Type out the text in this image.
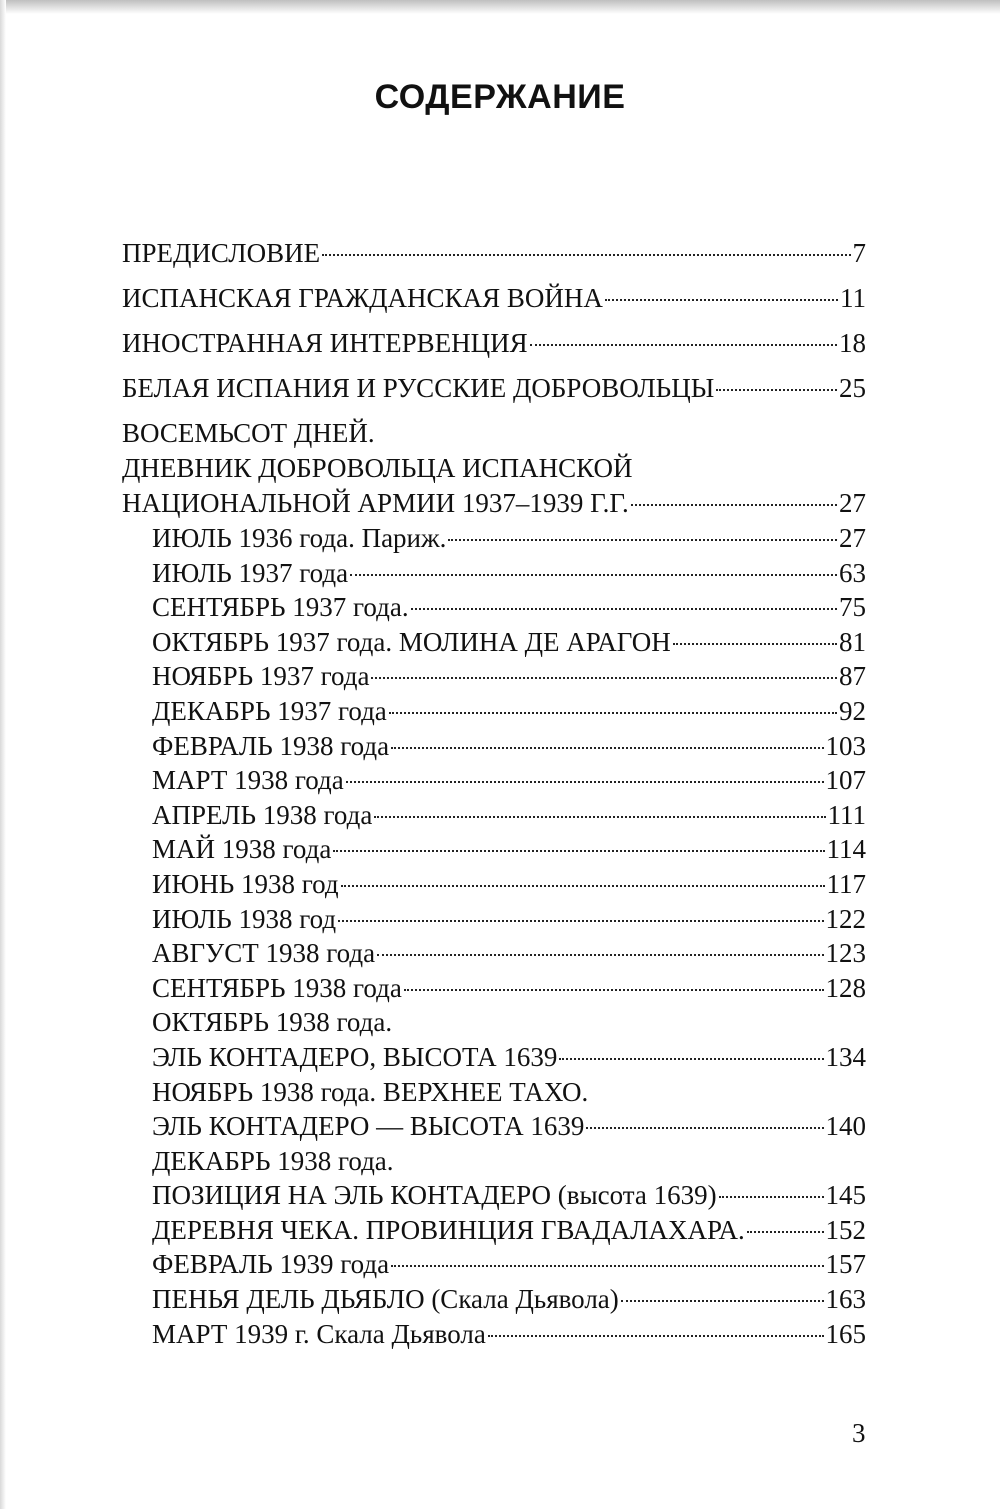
СОДЕРЖАНИЕ
ПРЕДИСЛОВИЕ	7
ИСПАНСКАЯ ГРАЖДАНСКАЯ ВОЙНА	11
ИНОСТРАННАЯ ИНТЕРВЕНЦИЯ	18
БЕЛАЯ ИСПАНИЯ И РУССКИЕ ДОБРОВОЛЬЦЫ	25
ВОСЕМЬСОТ ДНЕЙ.
ДНЕВНИК ДОБРОВОЛЬЦА ИСПАНСКОЙ
НАЦИОНАЛЬНОЙ АРМИИ 1937–1939 Г.Г.	27
ИЮЛЬ 1936 года. Париж.	27
ИЮЛЬ 1937 года	63
СЕНТЯБРЬ 1937 года.	75
ОКТЯБРЬ 1937 года. МОЛИНА ДЕ АРАГОН	81
НОЯБРЬ 1937 года	87
ДЕКАБРЬ 1937 года	92
ФЕВРАЛЬ 1938 года	103
МАРТ 1938 года	107
АПРЕЛЬ 1938 года	111
МАЙ 1938 года	114
ИЮНЬ 1938 год	117
ИЮЛЬ 1938 год	122
АВГУСТ 1938 года	123
СЕНТЯБРЬ 1938 года	128
ОКТЯБРЬ 1938 года.
ЭЛЬ КОНТАДЕРО, ВЫСОТА 1639	134
НОЯБРЬ 1938 года. ВЕРХНЕЕ ТАХО.
ЭЛЬ КОНТАДЕРО — ВЫСОТА 1639	140
ДЕКАБРЬ 1938 года.
ПОЗИЦИЯ НА ЭЛЬ КОНТАДЕРО (высота 1639)	145
ДЕРЕВНЯ ЧЕКА. ПРОВИНЦИЯ ГВАДАЛАХАРА.	152
ФЕВРАЛЬ 1939 года	157
ПЕНЬЯ ДЕЛЬ ДЬЯБЛО (Скала Дьявола)	163
МАРТ 1939 г. Скала Дьявола	165
3
